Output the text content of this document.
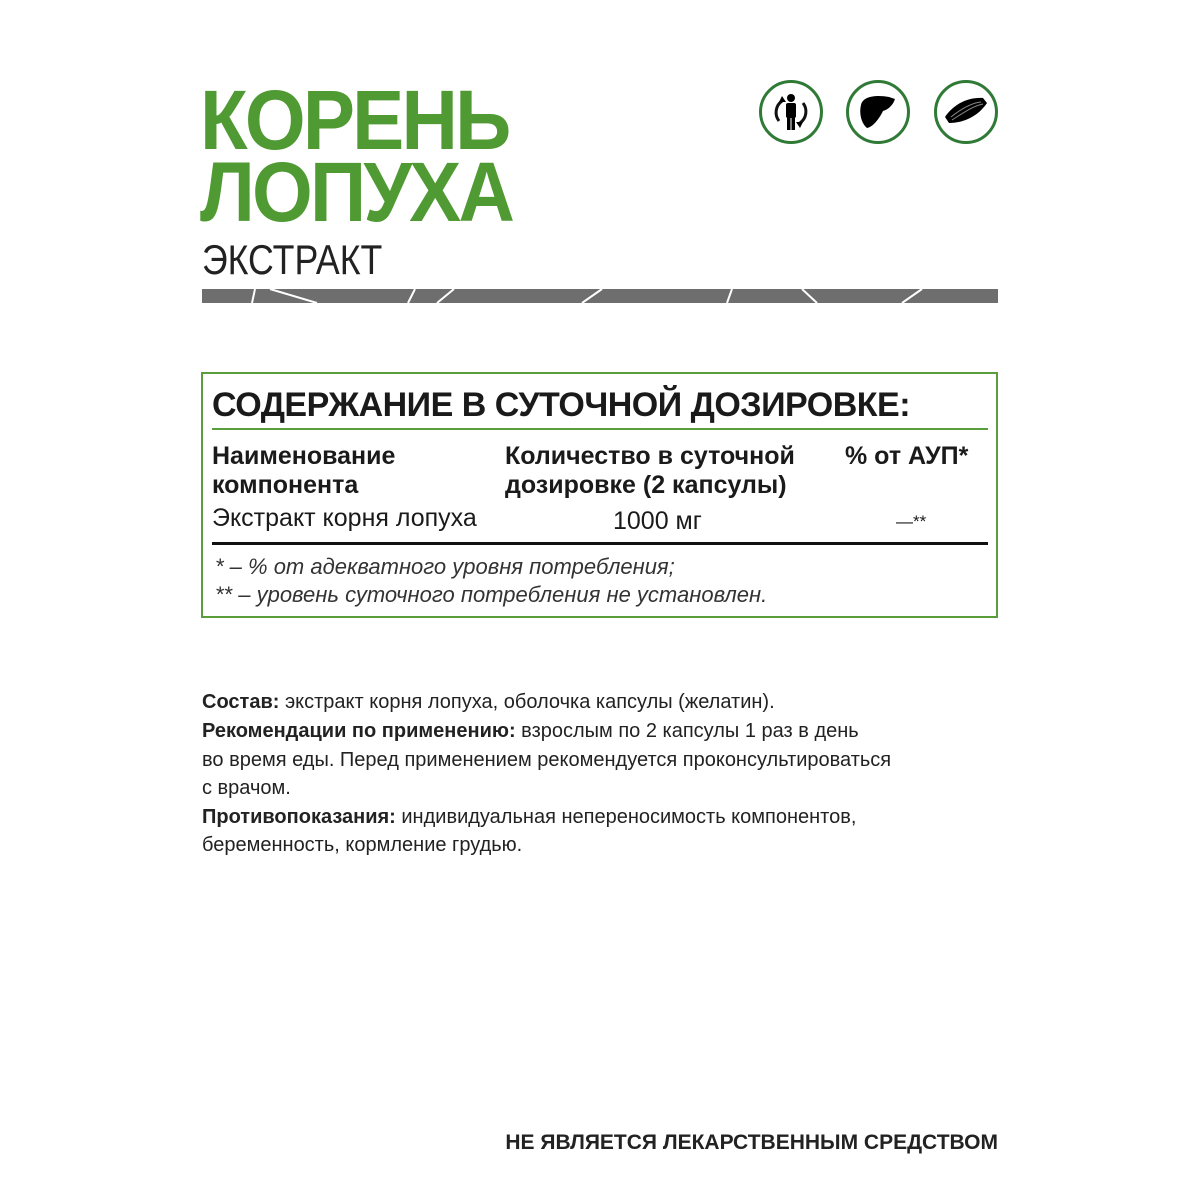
КОРЕНЬ
ЛОПУХА
ЭКСТРАКТ
СОДЕРЖАНИЕ В СУТОЧНОЙ ДОЗИРОВКЕ:
Наименование
компонента
Количество в суточной
дозировке (2 капсулы)
% от АУП*
Экстракт корня лопуха	1000 мг	—**
* – % от адекватного уровня потребления;
** – уровень суточного потребления не установлен.
Состав: экстракт корня лопуха, оболочка капсулы (желатин).
Рекомендации по применению: взрослым по 2 капсулы 1 раз в день
во время еды. Перед применением рекомендуется проконсультироваться
с врачом.
Противопоказания: индивидуальная непереносимость компонентов,
беременность, кормление грудью.
НЕ ЯВЛЯЕТСЯ ЛЕКАРСТВЕННЫМ СРЕДСТВОМ
